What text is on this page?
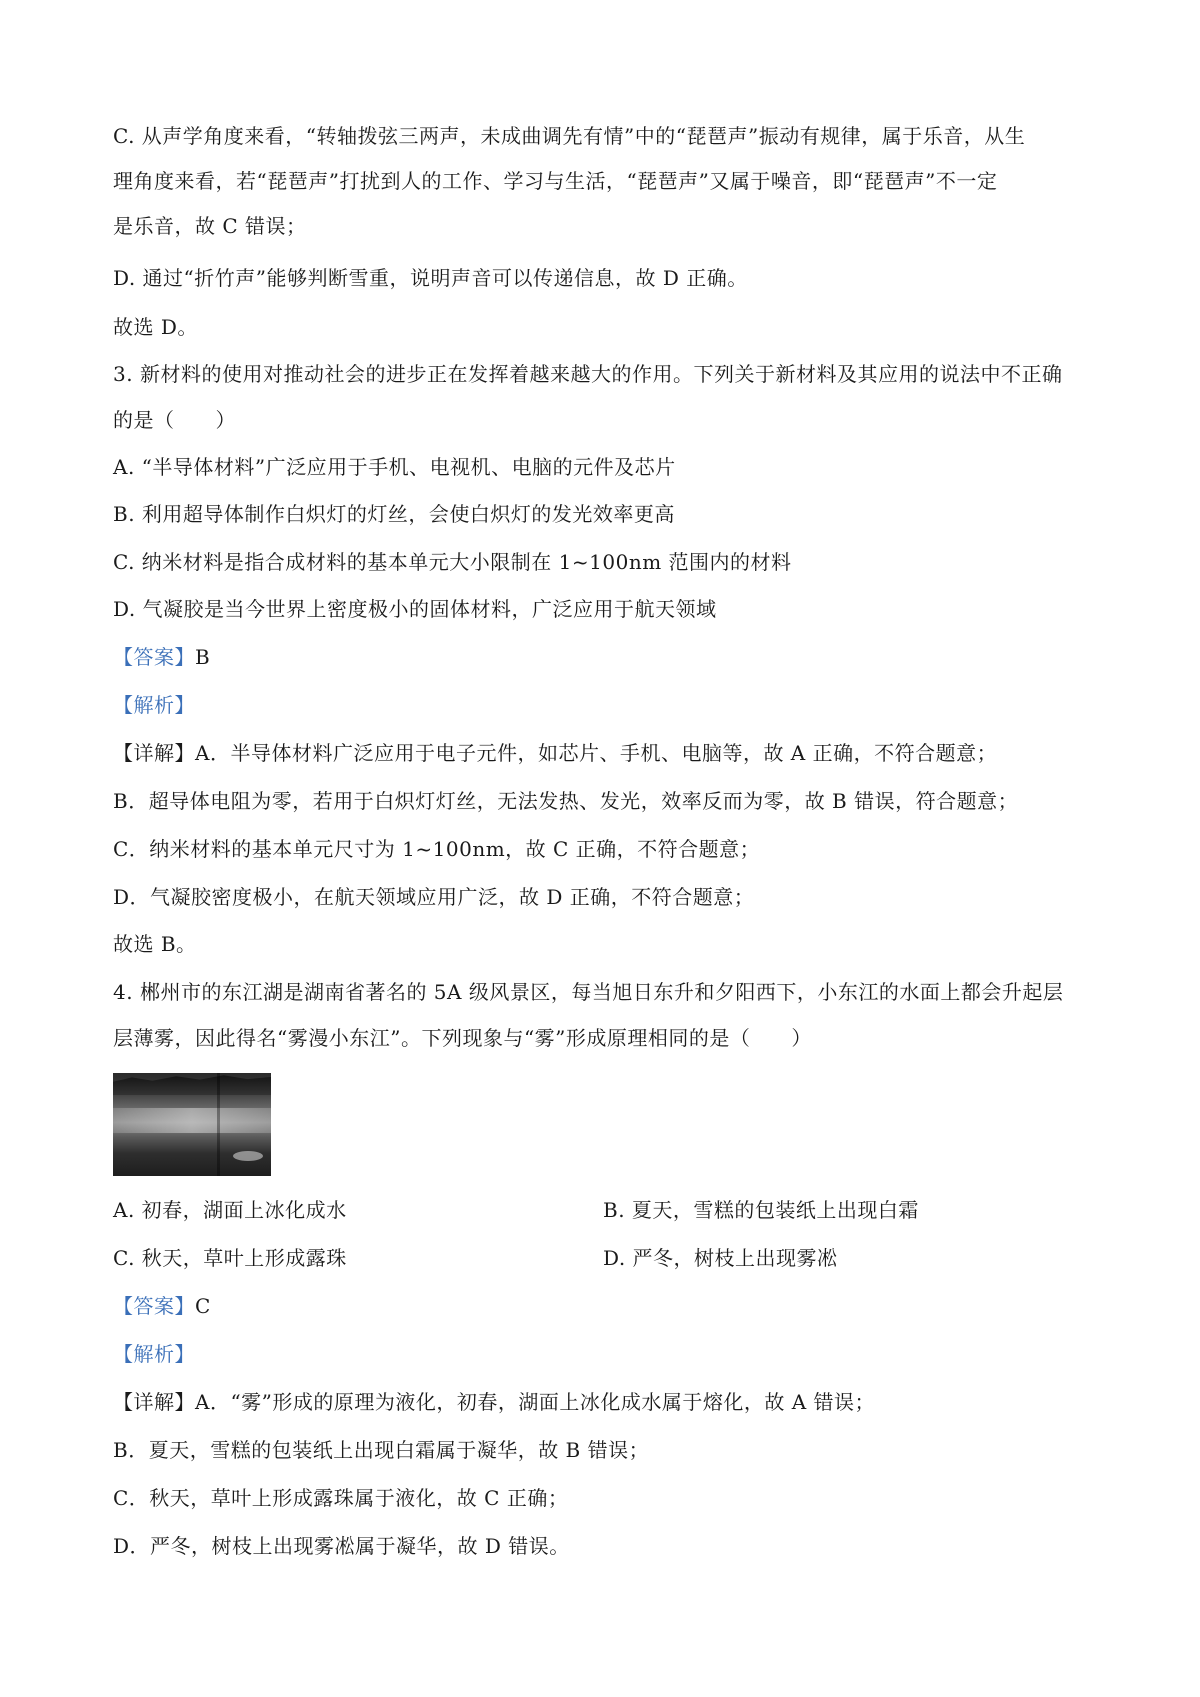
C. 从声学角度来看，“转轴拨弦三两声，未成曲调先有情”中的“琵琶声”振动有规律，属于乐音，从生
理角度来看，若“琵琶声”打扰到人的工作、学习与生活，“琵琶声”又属于噪音，即“琵琶声”不一定
是乐音，故 C 错误；
D. 通过“折竹声”能够判断雪重，说明声音可以传递信息，故 D 正确。
故选 D。
3. 新材料的使用对推动社会的进步正在发挥着越来越大的作用。下列关于新材料及其应用的说法中不正确
的是（　　）
A. “半导体材料”广泛应用于手机、电视机、电脑的元件及芯片
B. 利用超导体制作白炽灯的灯丝，会使白炽灯的发光效率更高
C. 纳米材料是指合成材料的基本单元大小限制在 1~100nm 范围内的材料
D. 气凝胶是当今世界上密度极小的固体材料，广泛应用于航天领域
【答案】B
【解析】
【详解】A．半导体材料广泛应用于电子元件，如芯片、手机、电脑等，故 A 正确，不符合题意；
B．超导体电阻为零，若用于白炽灯灯丝，无法发热、发光，效率反而为零，故 B 错误，符合题意；
C．纳米材料的基本单元尺寸为 1~100nm，故 C 正确，不符合题意；
D．气凝胶密度极小，在航天领域应用广泛，故 D 正确，不符合题意；
故选 B。
4. 郴州市的东江湖是湖南省著名的 5A 级风景区，每当旭日东升和夕阳西下，小东江的水面上都会升起层
层薄雾，因此得名“雾漫小东江”。下列现象与“雾”形成原理相同的是（　　）
A. 初春，湖面上冰化成水	B. 夏天，雪糕的包装纸上出现白霜
C. 秋天，草叶上形成露珠	D. 严冬，树枝上出现雾凇
【答案】C
【解析】
【详解】A．“雾”形成的原理为液化，初春，湖面上冰化成水属于熔化，故 A 错误；
B．夏天，雪糕的包装纸上出现白霜属于凝华，故 B 错误；
C．秋天，草叶上形成露珠属于液化，故 C 正确；
D．严冬，树枝上出现雾凇属于凝华，故 D 错误。
